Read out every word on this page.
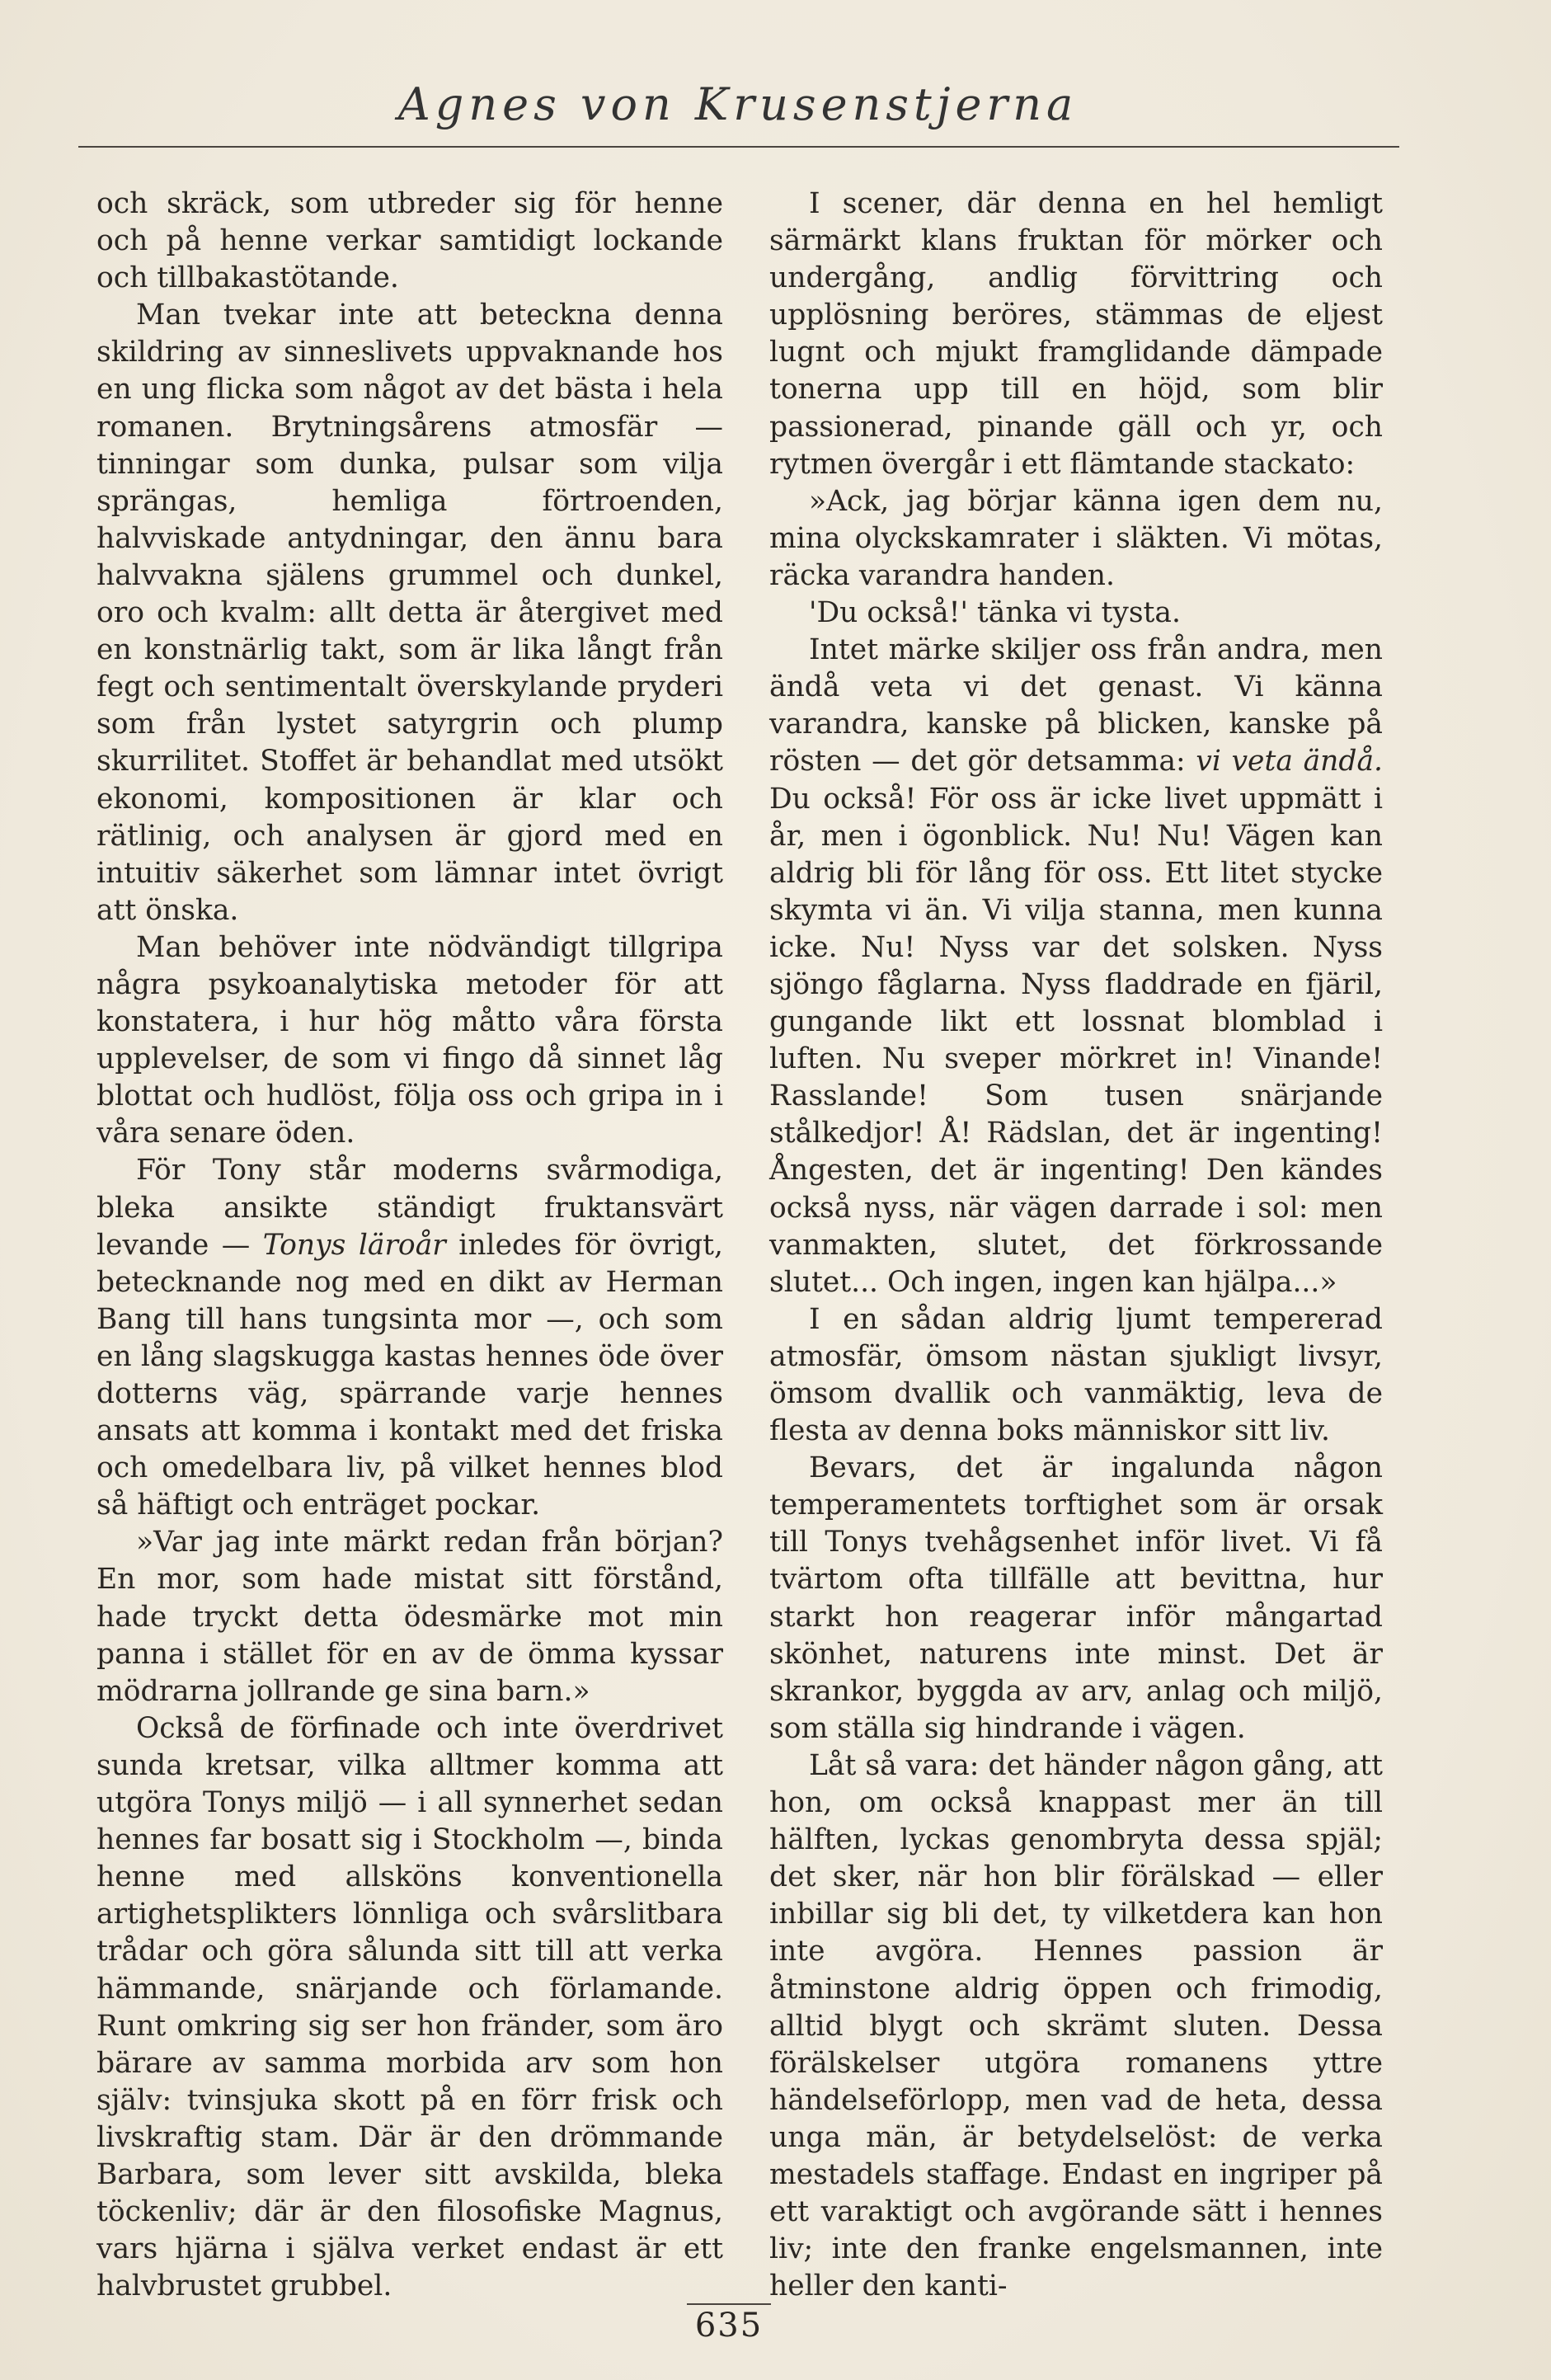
Agnes von Krusenstjerna

och skräck, som utbreder sig för henne och på henne verkar samtidigt lockande och tillbakastötande.

Man tvekar inte att beteckna denna skildring av sinneslivets uppvaknande hos en ung flicka som något av det bästa i hela romanen. Brytningsårens atmosfär — tinningar som dunka, pulsar som vilja sprängas, hemliga förtroenden, halvviskade antydningar, den ännu bara halvvakna själens grummel och dunkel, oro och kvalm: allt detta är återgivet med en konstnärlig takt, som är lika långt från fegt och sentimentalt överskylande pryderi som från lystet satyrgrin och plump skurrilitet. Stoffet är behandlat med utsökt ekonomi, kompositionen är klar och rätlinig, och analysen är gjord med en intuitiv säkerhet som lämnar intet övrigt att önska.

Man behöver inte nödvändigt tillgripa några psykoanalytiska metoder för att konstatera, i hur hög måtto våra första upplevelser, de som vi fingo då sinnet låg blottat och hudlöst, följa oss och gripa in i våra senare öden.

För Tony står moderns svårmodiga, bleka ansikte ständigt fruktansvärt levande — Tonys läroår inledes för övrigt, betecknande nog med en dikt av Herman Bang till hans tungsinta mor —, och som en lång slagskugga kastas hennes öde över dotterns väg, spärrande varje hennes ansats att komma i kontakt med det friska och omedelbara liv, på vilket hennes blod så häftigt och enträget pockar.

»Var jag inte märkt redan från början? En mor, som hade mistat sitt förstånd, hade tryckt detta ödesmärke mot min panna i stället för en av de ömma kyssar mödrarna jollrande ge sina barn.»

Också de förfinade och inte överdrivet sunda kretsar, vilka alltmer komma att utgöra Tonys miljö — i all synnerhet sedan hennes far bosatt sig i Stockholm —, binda henne med allsköns konventionella artighetsplikters lönnliga och svårslitbara trådar och göra sålunda sitt till att verka hämmande, snärjande och förlamande. Runt omkring sig ser hon fränder, som äro bärare av samma morbida arv som hon själv: tvinsjuka skott på en förr frisk och livskraftig stam. Där är den drömmande Barbara, som lever sitt avskilda, bleka töckenliv; där är den filosofiske Magnus, vars hjärna i själva verket endast är ett halvbrustet grubbel.

I scener, där denna en hel hemligt särmärkt klans fruktan för mörker och undergång, andlig förvittring och upplösning beröres, stämmas de eljest lugnt och mjukt framglidande dämpade tonerna upp till en höjd, som blir passionerad, pinande gäll och yr, och rytmen övergår i ett flämtande stackato:

»Ack, jag börjar känna igen dem nu, mina olyckskamrater i släkten. Vi mötas, räcka varandra handen.

'Du också!' tänka vi tysta.

Intet märke skiljer oss från andra, men ändå veta vi det genast. Vi känna varandra, kanske på blicken, kanske på rösten — det gör detsamma: vi veta ändå. Du också! För oss är icke livet uppmätt i år, men i ögonblick. Nu! Nu! Vägen kan aldrig bli för lång för oss. Ett litet stycke skymta vi än. Vi vilja stanna, men kunna icke. Nu! Nyss var det solsken. Nyss sjöngo fåglarna. Nyss fladdrade en fjäril, gungande likt ett lossnat blomblad i luften. Nu sveper mörkret in! Vinande! Rasslande! Som tusen snärjande stålkedjor! Å! Rädslan, det är ingenting! Ångesten, det är ingenting! Den kändes också nyss, när vägen darrade i sol: men vanmakten, slutet, det förkrossande slutet... Och ingen, ingen kan hjälpa...»

I en sådan aldrig ljumt tempererad atmosfär, ömsom nästan sjukligt livsyr, ömsom dvallik och vanmäktig, leva de flesta av denna boks människor sitt liv.

Bevars, det är ingalunda någon temperamentets torftighet som är orsak till Tonys tvehågsenhet inför livet. Vi få tvärtom ofta tillfälle att bevittna, hur starkt hon reagerar inför mångartad skönhet, naturens inte minst. Det är skrankor, byggda av arv, anlag och miljö, som ställa sig hindrande i vägen.

Låt så vara: det händer någon gång, att hon, om också knappast mer än till hälften, lyckas genombryta dessa spjäl; det sker, när hon blir förälskad — eller inbillar sig bli det, ty vilketdera kan hon inte avgöra. Hennes passion är åtminstone aldrig öppen och frimodig, alltid blygt och skrämt sluten. Dessa förälskelser utgöra romanens yttre händelseförlopp, men vad de heta, dessa unga män, är betydelselöst: de verka mestadels staffage. Endast en ingriper på ett varaktigt och avgörande sätt i hennes liv; inte den franke engelsmannen, inte heller den kanti-

635
